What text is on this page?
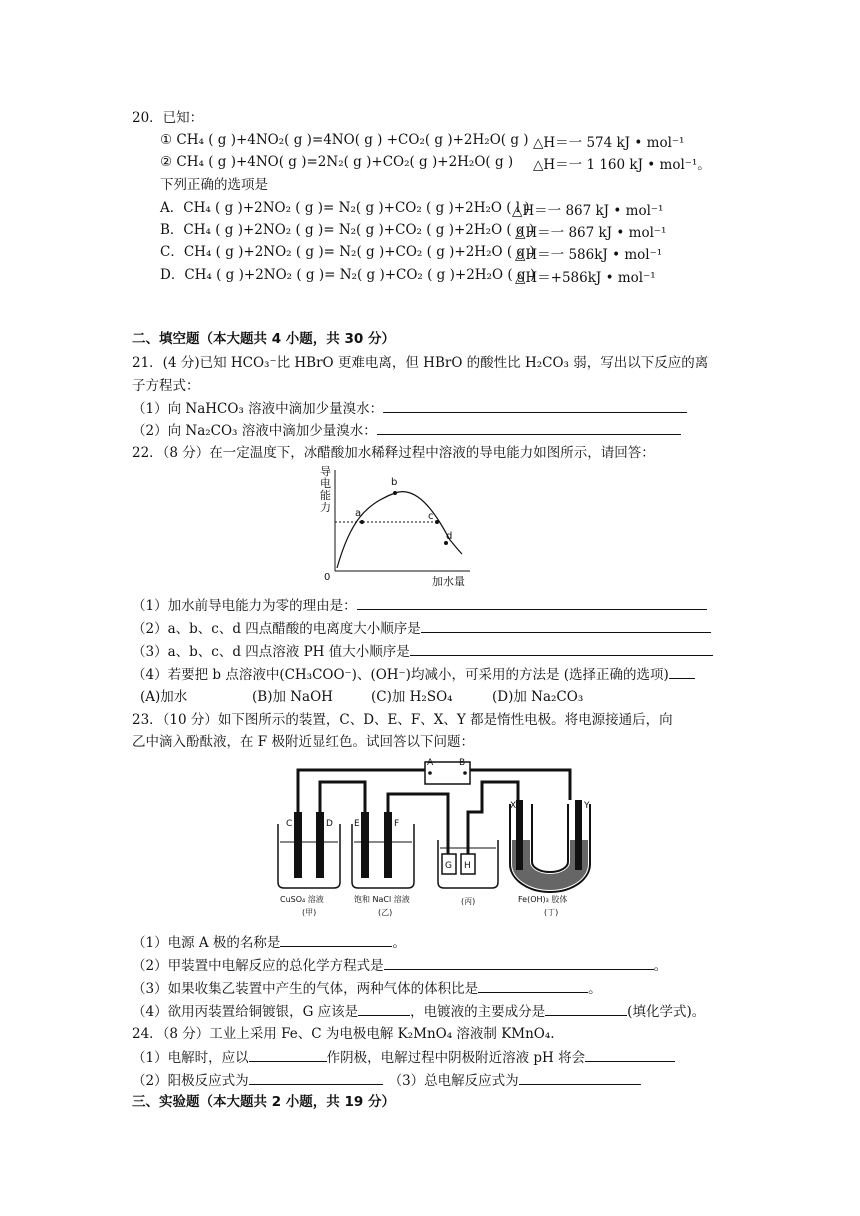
20．已知：
① CH₄ ( g )+4NO₂( g )=4NO( g ) +CO₂( g )+2H₂O( g ) △H＝一 574 kJ • mol⁻¹
② CH₄ ( g )+4NO( g )=2N₂( g )+CO₂( g )+2H₂O( g ) △H＝一 1 160 kJ • mol⁻¹。
下列正确的选项是
A．CH₄ ( g )+2NO₂ ( g )= N₂( g )+CO₂ ( g )+2H₂O ( l )
△H＝一 867 kJ • mol⁻¹
B．CH₄ ( g )+2NO₂ ( g )= N₂( g )+CO₂ ( g )+2H₂O ( g )
△H＝一 867 kJ • mol⁻¹
C．CH₄ ( g )+2NO₂ ( g )= N₂( g )+CO₂ ( g )+2H₂O ( g )
△H＝一 586kJ • mol⁻¹
D．CH₄ ( g )+2NO₂ ( g )= N₂( g )+CO₂ ( g )+2H₂O ( g )
△H＝+586kJ • mol⁻¹
二、填空题（本大题共 4 小题，共 30 分）
21．(4 分)已知 HCO₃⁻比 HBrO 更难电离，但 HBrO 的酸性比 H₂CO₃ 弱，写出以下反应的离
子方程式：
（1）向 NaHCO₃ 溶液中滴加少量溴水：
（2）向 Na₂CO₃ 溶液中滴加少量溴水：
22．（8 分）在一定温度下，冰醋酸加水稀释过程中溶液的导电能力如图所示，请回答：
导
电
能
力 a
b
c
d
0	加水量
（1）加水前导电能力为零的理由是：
（2）a、b、c、d 四点醋酸的电离度大小顺序是
（3）a、b、c、d 四点溶液 PH 值大小顺序是
（4）若要把 b 点溶液中(CH₃COO⁻)、(OH⁻)均减小，可采用的方法是 (选择正确的选项)
(A)加水	(B)加 NaOH	(C)加 H₂SO₄	(D)加 Na₂CO₃
23．（10 分）如下图所示的装置，C、D、E、F、X、Y 都是惰性电极。将电源接通后，向
乙中滴入酚酞液，在 F 极附近显红色。试回答以下问题：
A	B
C	D E	F
G H
X	Y
CuSO₄ 溶液
(甲)
饱和 NaCl 溶液
(乙)
(丙)	Fe(OH)₃ 胶体
(丁)
（1）电源 A 极的名称是	。
（2）甲装置中电解反应的总化学方程式是	。
（3）如果收集乙装置中产生的气体，两种气体的体积比是	。
（4）欲用丙装置给铜镀银，G 应该是	，电镀液的主要成分是	(填化学式)。
24．（8 分）工业上采用 Fe、C 为电极电解 K₂MnO₄ 溶液制 KMnO₄.
（1）电解时，应以	作阴极，电解过程中阴极附近溶液 pH 将会
（2）阳极反应式为	（3）总电解反应式为
三、实验题（本大题共 2 小题，共 19 分）
